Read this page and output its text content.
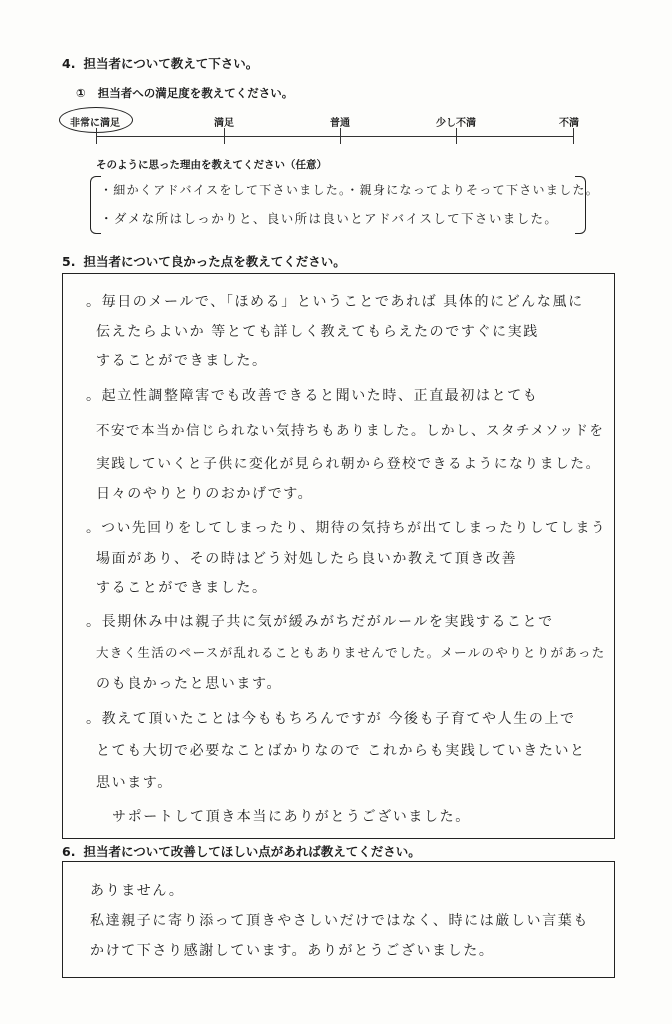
4. 担当者について教えて下さい。
① 担当者への満足度を教えてください。
非常に満足	満足	普通	少し不満	不満
そのように思った理由を教えてください（任意）
・細かくアドバイスをして下さいました。・親身になってよりそって下さいました。
・ダメな所はしっかりと、良い所は良いとアドバイスして下さいました。
5. 担当者について良かった点を教えてください。
。毎日のメールで、「ほめる」ということであれば 具体的にどんな風に
伝えたらよいか 等とても詳しく教えてもらえたのですぐに実践
することができました。
。起立性調整障害でも改善できると聞いた時、正直最初はとても
不安で本当か信じられない気持ちもありました。しかし、スタチメソッドを
実践していくと子供に変化が見られ朝から登校できるようになりました。
日々のやりとりのおかげです。
。つい先回りをしてしまったり、期待の気持ちが出てしまったりしてしまう
場面があり、その時はどう対処したら良いか教えて頂き改善
することができました。
。長期休み中は親子共に気が緩みがちだがルールを実践することで
大きく生活のペースが乱れることもありませんでした。メールのやりとりがあった
のも良かったと思います。
。教えて頂いたことは今ももちろんですが 今後も子育てや人生の上で
とても大切で必要なことばかりなので これからも実践していきたいと
思います。
サポートして頂き本当にありがとうございました。
6. 担当者について改善してほしい点があれば教えてください。
ありません。
私達親子に寄り添って頂きやさしいだけではなく、時には厳しい言葉も
かけて下さり感謝しています。ありがとうございました。
